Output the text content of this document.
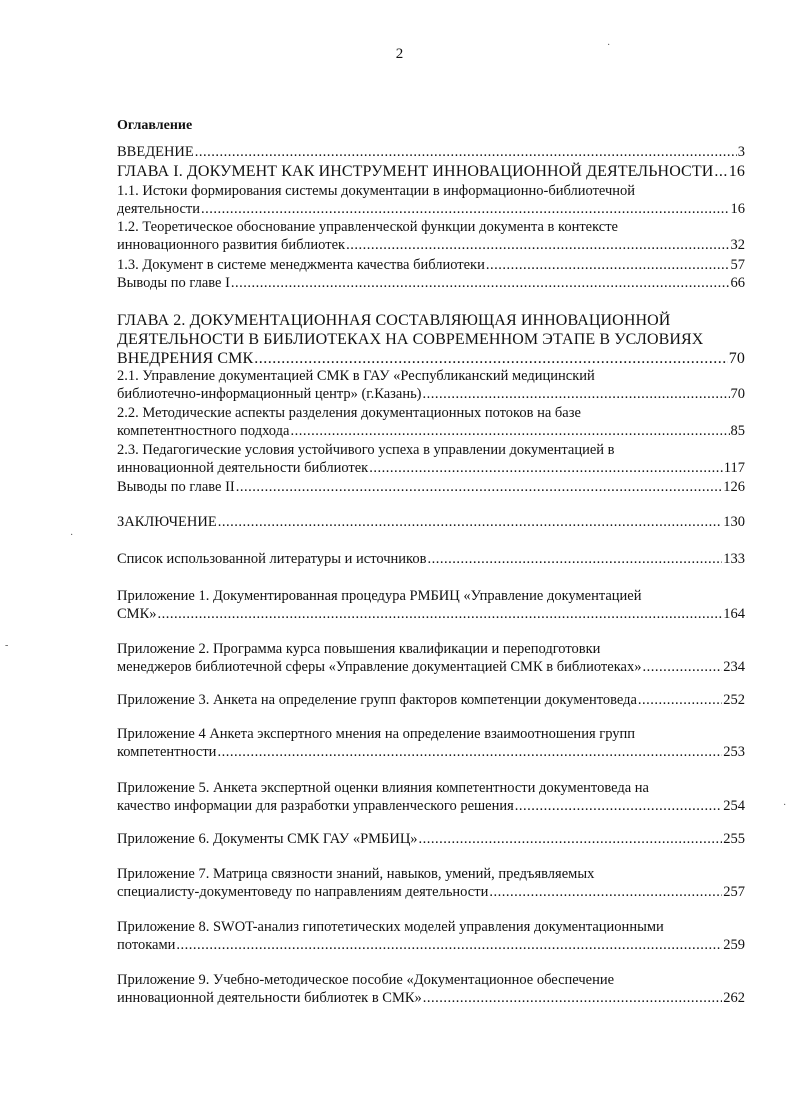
2
Оглавление
ВВЕДЕНИЕ .....	3
ГЛАВА I. ДОКУМЕНТ КАК ИНСТРУМЕНТ ИННОВАЦИОННОЙ ДЕЯТЕЛЬНОСТИ ..... 16
1.1. Истоки формирования системы документации в информационно-библиотечной
деятельности .....	16
1.2. Теоретическое обоснование управленческой функции документа в контексте
инновационного развития библиотек .....	32
1.3. Документ в системе менеджмента качества библиотеки .....	57
Выводы по главе I .....	66
ГЛАВА 2. ДОКУМЕНТАЦИОННАЯ СОСТАВЛЯЮЩАЯ ИННОВАЦИОННОЙ
ДЕЯТЕЛЬНОСТИ В БИБЛИОТЕКАХ НА СОВРЕМЕННОМ ЭТАПЕ В УСЛОВИЯХ
ВНЕДРЕНИЯ СМК .....	70
2.1. Управление документацией СМК в ГАУ «Республиканский медицинский
библиотечно-информационный центр» (г.Казань) .....	70
2.2. Методические аспекты разделения документационных потоков на базе
компетентностного подхода .....	85
2.3. Педагогические условия устойчивого успеха в управлении документацией в
инновационной деятельности библиотек .....	117
Выводы по главе II .....	126
ЗАКЛЮЧЕНИЕ .....	130
Список использованной литературы и источников .....	133
Приложение 1. Документированная процедура РМБИЦ «Управление документацией
СМК» .....	164
Приложение 2. Программа курса повышения квалификации и переподготовки
менеджеров библиотечной сферы «Управление документацией СМК в библиотеках» .....	234
Приложение 3. Анкета на определение групп факторов компетенции документоведа .....	252
Приложение 4 Анкета экспертного мнения на определение взаимоотношения групп
компетентности .....	253
Приложение 5. Анкета экспертной оценки влияния компетентности документоведа на
качество информации для разработки управленческого решения .....	254
Приложение 6. Документы СМК ГАУ «РМБИЦ» .....	255
Приложение 7. Матрица связности знаний, навыков, умений, предъявляемых
специалисту-документоведу по направлениям деятельности .....	257
Приложение 8. SWOT-анализ гипотетических моделей управления документационными
потоками .....	259
Приложение 9. Учебно-методическое пособие «Документационное обеспечение
инновационной деятельности библиотек в СМК» .....	262
·
·
-
·
